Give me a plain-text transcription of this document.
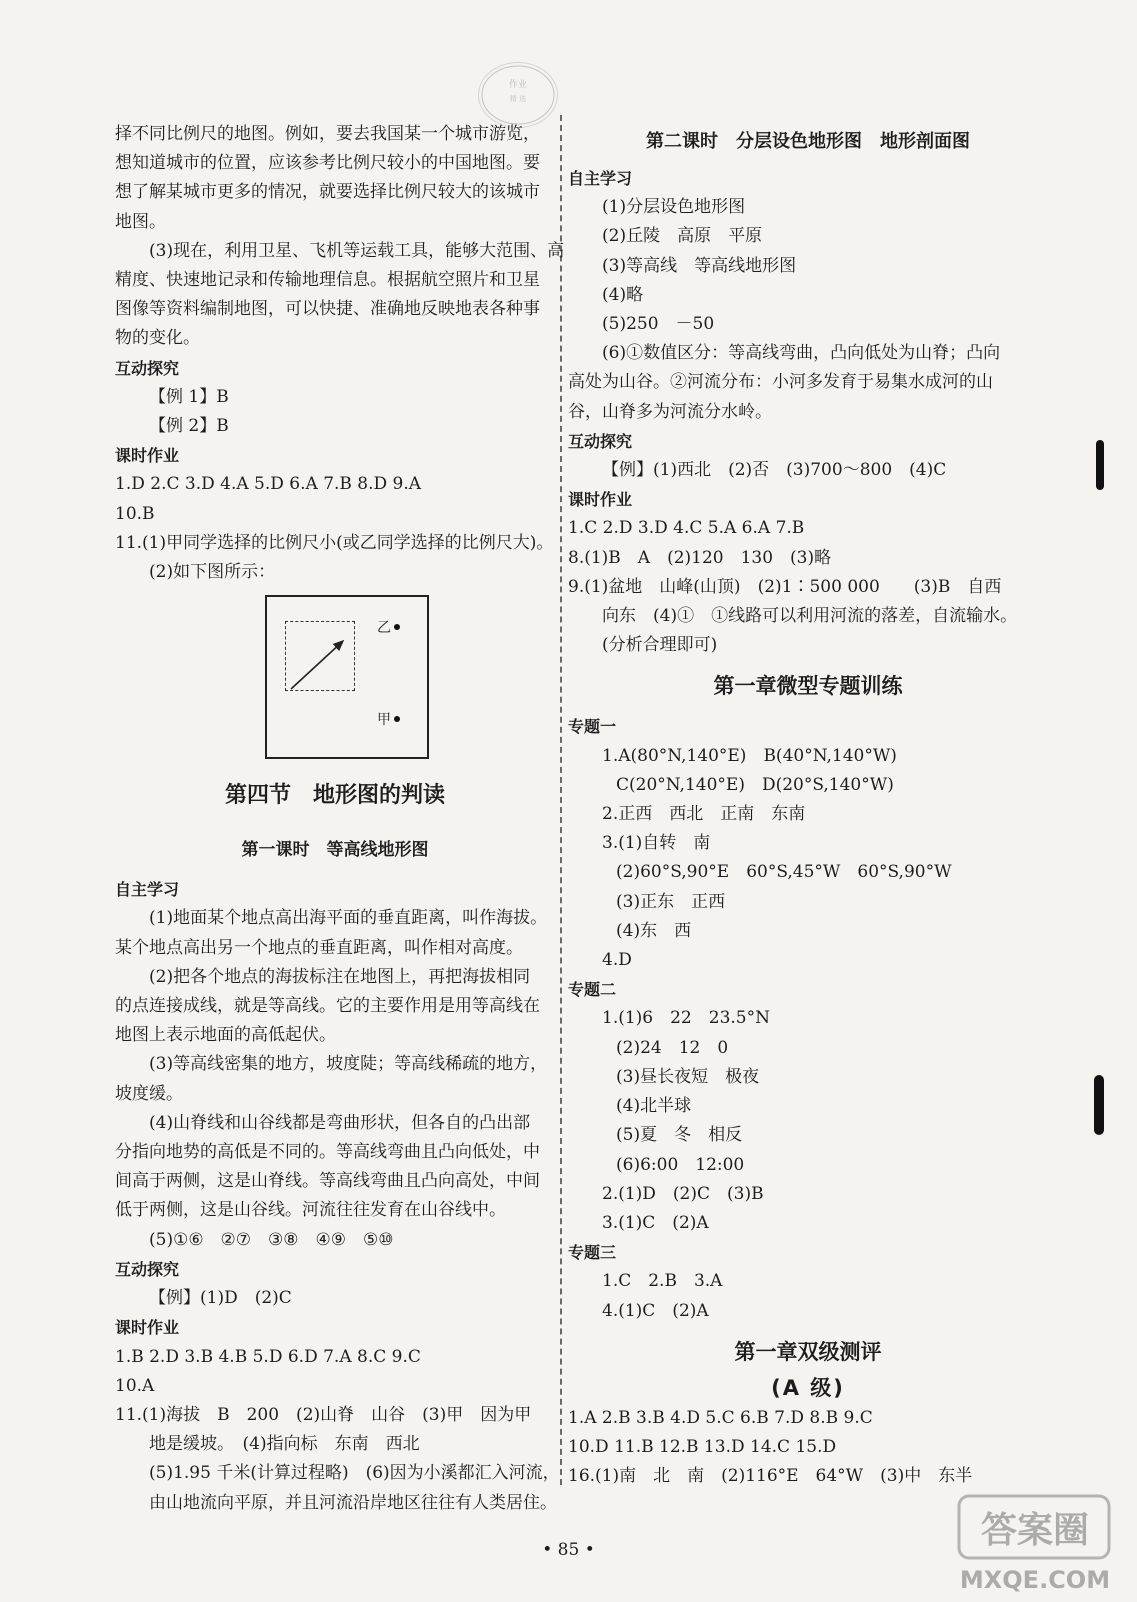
作业
精 选
择不同比例尺的地图。例如，要去我国某一个城市游览，
想知道城市的位置，应该参考比例尺较小的中国地图。要
想了解某城市更多的情况，就要选择比例尺较大的该城市
地图。
(3)现在，利用卫星、飞机等运载工具，能够大范围、高
精度、快速地记录和传输地理信息。根据航空照片和卫星
图像等资料编制地图，可以快捷、准确地反映地表各种事
物的变化。
互动探究
【例 1】B
【例 2】B
课时作业
1.D 2.C 3.D 4.A 5.D 6.A 7.B 8.D 9.A
10.B
11.(1)甲同学选择的比例尺小(或乙同学选择的比例尺大)。
(2)如下图所示：
乙
甲
第四节　地形图的判读
第一课时　等高线地形图
自主学习
(1)地面某个地点高出海平面的垂直距离，叫作海拔。
某个地点高出另一个地点的垂直距离，叫作相对高度。
(2)把各个地点的海拔标注在地图上，再把海拔相同
的点连接成线，就是等高线。它的主要作用是用等高线在
地图上表示地面的高低起伏。
(3)等高线密集的地方，坡度陡；等高线稀疏的地方，
坡度缓。
(4)山脊线和山谷线都是弯曲形状，但各自的凸出部
分指向地势的高低是不同的。等高线弯曲且凸向低处，中
间高于两侧，这是山脊线。等高线弯曲且凸向高处，中间
低于两侧，这是山谷线。河流往往发育在山谷线中。
(5)①⑥　②⑦　③⑧　④⑨　⑤⑩
互动探究
【例】(1)D　(2)C
课时作业
1.B 2.D 3.B 4.B 5.D 6.D 7.A 8.C 9.C
10.A
11.(1)海拔　B　200　(2)山脊　山谷　(3)甲　因为甲
地是缓坡。　(4)指向标　东南　西北
(5)1.95 千米(计算过程略)　(6)因为小溪都汇入河流，
由山地流向平原，并且河流沿岸地区往往有人类居住。
第二课时　分层设色地形图　地形剖面图
自主学习
(1)分层设色地形图
(2)丘陵　高原　平原
(3)等高线　等高线地形图
(4)略
(5)250　－50
(6)①数值区分：等高线弯曲，凸向低处为山脊；凸向
高处为山谷。②河流分布：小河多发育于易集水成河的山
谷，山脊多为河流分水岭。
互动探究
【例】(1)西北　(2)否　(3)700～800　(4)C
课时作业
1.C 2.D 3.D 4.C 5.A 6.A 7.B
8.(1)B　A　(2)120　130　(3)略
9.(1)盆地　山峰(山顶)　(2)1∶500 000　　(3)B　自西
向东　(4)①　①线路可以利用河流的落差，自流输水。
(分析合理即可)
第一章微型专题训练
专题一
1.A(80°N,140°E)　B(40°N,140°W)
C(20°N,140°E)　D(20°S,140°W)
2.正西　西北　正南　东南
3.(1)自转　南
(2)60°S,90°E　60°S,45°W　60°S,90°W
(3)正东　正西
(4)东　西
4.D
专题二
1.(1)6　22　23.5°N
(2)24　12　0
(3)昼长夜短　极夜
(4)北半球
(5)夏　冬　相反
(6)6:00　12:00
2.(1)D　(2)C　(3)B
3.(1)C　(2)A
专题三
1.C　2.B　3.A
4.(1)C　(2)A
第一章双级测评
(A 级)
1.A 2.B 3.B 4.D 5.C 6.B 7.D 8.B 9.C
10.D 11.B 12.B 13.D 14.C 15.D
16.(1)南　北　南　(2)116°E　64°W　(3)中　东半
• 85 •	答案圈
MXQE.COM
